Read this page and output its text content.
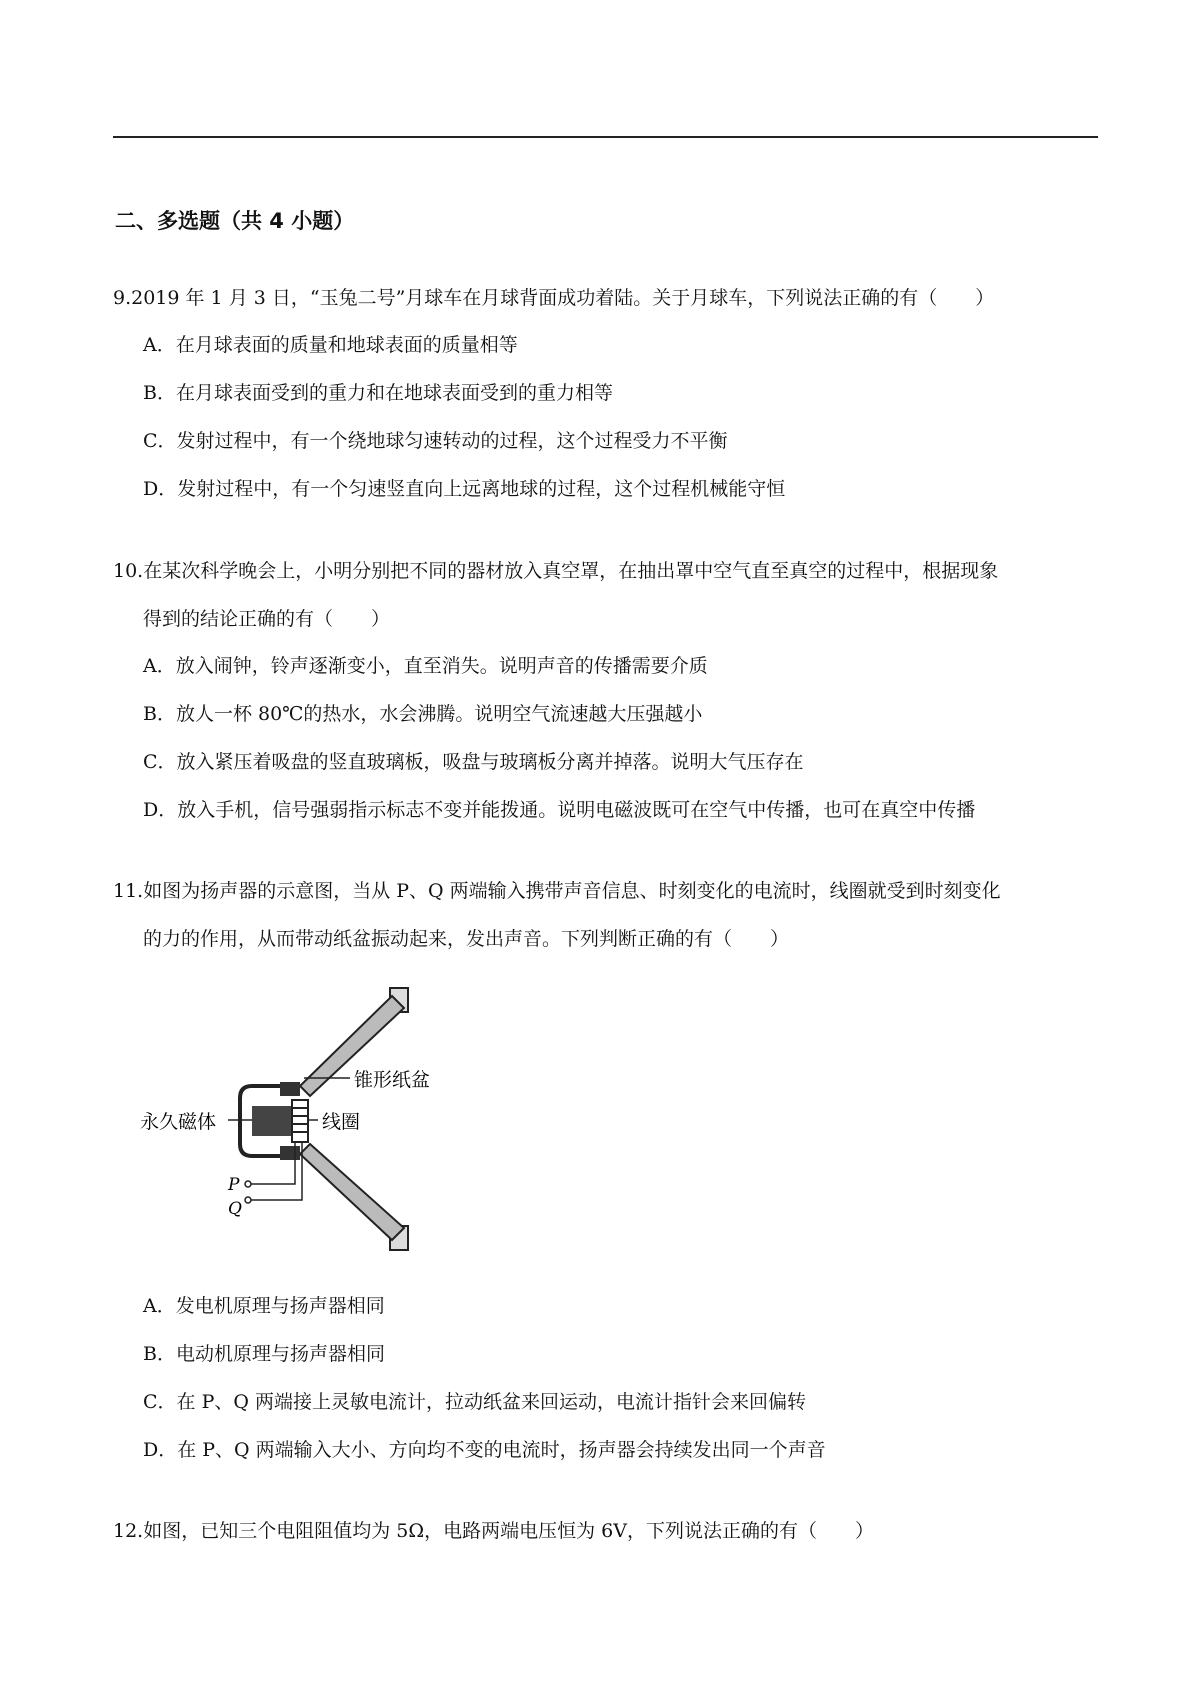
二、多选题（共 4 小题）
9.2019 年 1 月 3 日，“玉兔二号”月球车在月球背面成功着陆。关于月球车，下列说法正确的有（　　）
A．在月球表面的质量和地球表面的质量相等
B．在月球表面受到的重力和在地球表面受到的重力相等
C．发射过程中，有一个绕地球匀速转动的过程，这个过程受力不平衡
D．发射过程中，有一个匀速竖直向上远离地球的过程，这个过程机械能守恒
10.在某次科学晚会上，小明分别把不同的器材放入真空罩，在抽出罩中空气直至真空的过程中，根据现象
得到的结论正确的有（　　）
A．放入闹钟，铃声逐渐变小，直至消失。说明声音的传播需要介质
B．放人一杯 80℃的热水，水会沸腾。说明空气流速越大压强越小
C．放入紧压着吸盘的竖直玻璃板，吸盘与玻璃板分离并掉落。说明大气压存在
D．放入手机，信号强弱指示标志不变并能拨通。说明电磁波既可在空气中传播，也可在真空中传播
11.如图为扬声器的示意图，当从 P、Q 两端输入携带声音信息、时刻变化的电流时，线圈就受到时刻变化
的力的作用，从而带动纸盆振动起来，发出声音。下列判断正确的有（　　）
锥形纸盆
线圈
永久磁体
P
Q
A．发电机原理与扬声器相同
B．电动机原理与扬声器相同
C．在 P、Q 两端接上灵敏电流计，拉动纸盆来回运动，电流计指针会来回偏转
D．在 P、Q 两端输入大小、方向均不变的电流时，扬声器会持续发出同一个声音
12.如图，已知三个电阻阻值均为 5Ω，电路两端电压恒为 6V，下列说法正确的有（　　）
